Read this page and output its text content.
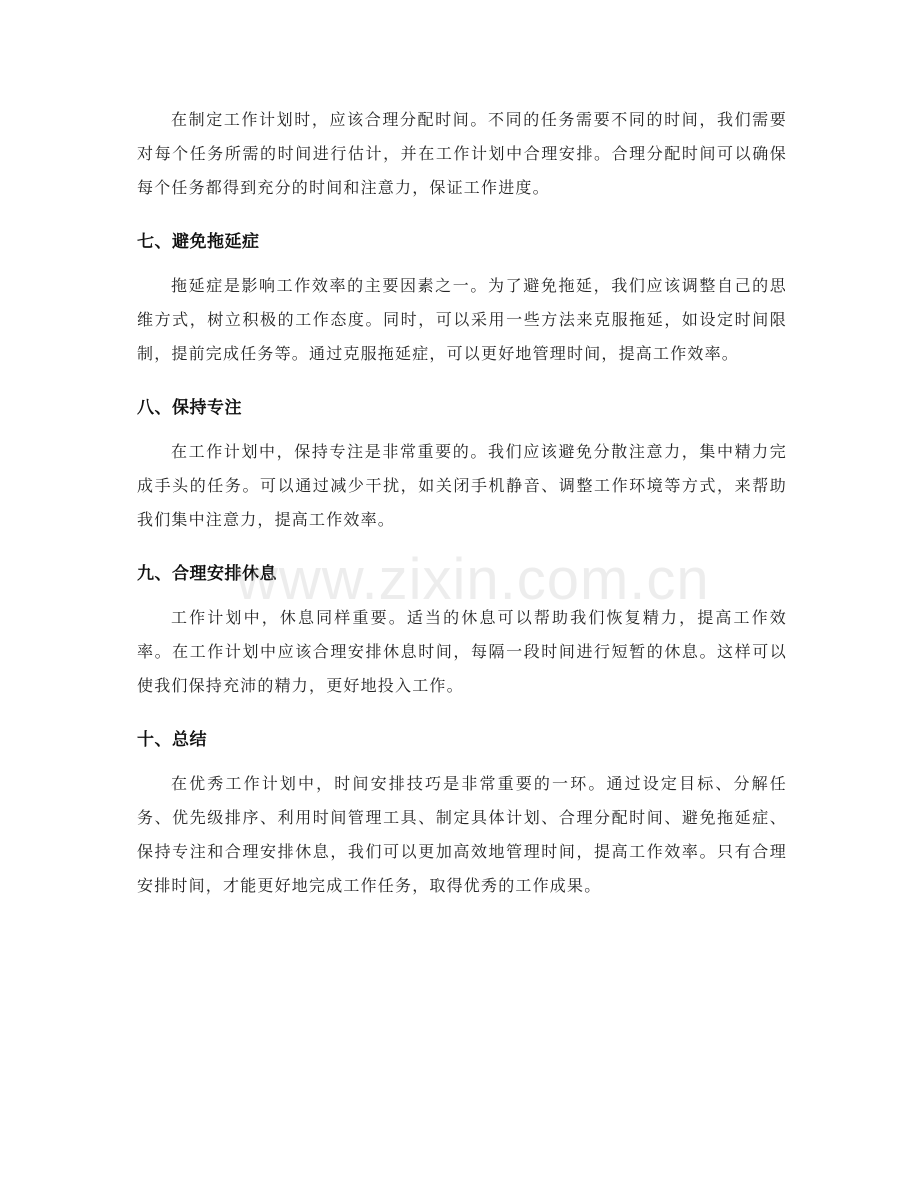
在制定工作计划时，应该合理分配时间。不同的任务需要不同的时间，我们需要对每个任务所需的时间进行估计，并在工作计划中合理安排。合理分配时间可以确保每个任务都得到充分的时间和注意力，保证工作进度。

七、避免拖延症

拖延症是影响工作效率的主要因素之一。为了避免拖延，我们应该调整自己的思维方式，树立积极的工作态度。同时，可以采用一些方法来克服拖延，如设定时间限制，提前完成任务等。通过克服拖延症，可以更好地管理时间，提高工作效率。

八、保持专注

在工作计划中，保持专注是非常重要的。我们应该避免分散注意力，集中精力完成手头的任务。可以通过减少干扰，如关闭手机静音、调整工作环境等方式，来帮助我们集中注意力，提高工作效率。

九、合理安排休息

工作计划中，休息同样重要。适当的休息可以帮助我们恢复精力，提高工作效率。在工作计划中应该合理安排休息时间，每隔一段时间进行短暂的休息。这样可以使我们保持充沛的精力，更好地投入工作。

十、总结

在优秀工作计划中，时间安排技巧是非常重要的一环。通过设定目标、分解任务、优先级排序、利用时间管理工具、制定具体计划、合理分配时间、避免拖延症、保持专注和合理安排休息，我们可以更加高效地管理时间，提高工作效率。只有合理安排时间，才能更好地完成工作任务，取得优秀的工作成果。

www.zixin.com.cn
